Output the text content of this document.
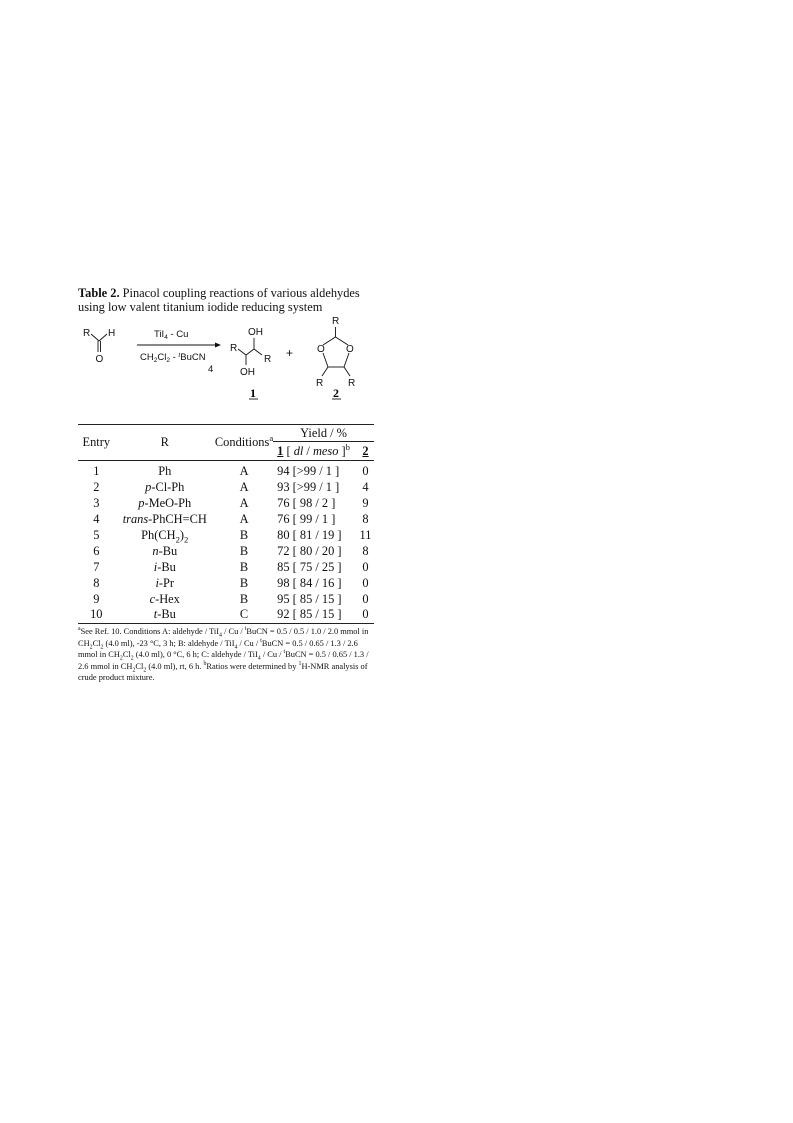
Table 2. Pinacol coupling reactions of various aldehydes using low valent titanium iodide reducing system

R H
O
TiI$_4$ - Cu
$CH_2Cl_2$ - $^t$BuCN
4
R
R
OH
OH
1
+
R
O O
R R
2
Entry	R	Conditions$^a$	Yield / %	
			1 [ dl / meso ]$^b$	2
1	Ph	A	94 [>99 / 1 ]	0
2	p-Cl-Ph	A	93 [>99 / 1 ]	4
3	p-MeO-Ph	A	76 [ 98 / 2 ]	9
4	trans-PhCH=CH	A	76 [ 99 / 1 ]	8
5	$Ph(CH_2)_2$	B	80 [ 81 / 19 ]	11
6	n-Bu	B	72 [ 80 / 20 ]	8
7	i-Bu	B	85 [ 75 / 25 ]	0
8	i-Pr	B	98 [ 84 / 16 ]	0
9	c-Hex	B	95 [ 85 / 15 ]	0
10	t-Bu	C	92 [ 85 / 15 ]	0
$^a$See Ref. 10. Conditions A: aldehyde / TiI$_4$ / Cu / $^t$BuCN = 0.5 / 0.5 / 1.0 / 2.0 mmol in $CH_2Cl_2$ (4.0 ml), -23 °C, 3 h; B: aldehyde / TiI$_4$ / Cu / $^t$BuCN = 0.5 / 0.65 / 1.3 / 2.6 mmol in $CH_2Cl_2$ (4.0 ml), 0 °C, 6 h; C: aldehyde / TiI$_4$ / Cu / $^t$BuCN = 0.5 / 0.65 / 1.3 / 2.6 mmol in $CH_2Cl_2$ (4.0 ml), rt, 6 h. $^b$Ratios were determined by $^1$H-NMR analysis of crude product mixture.
